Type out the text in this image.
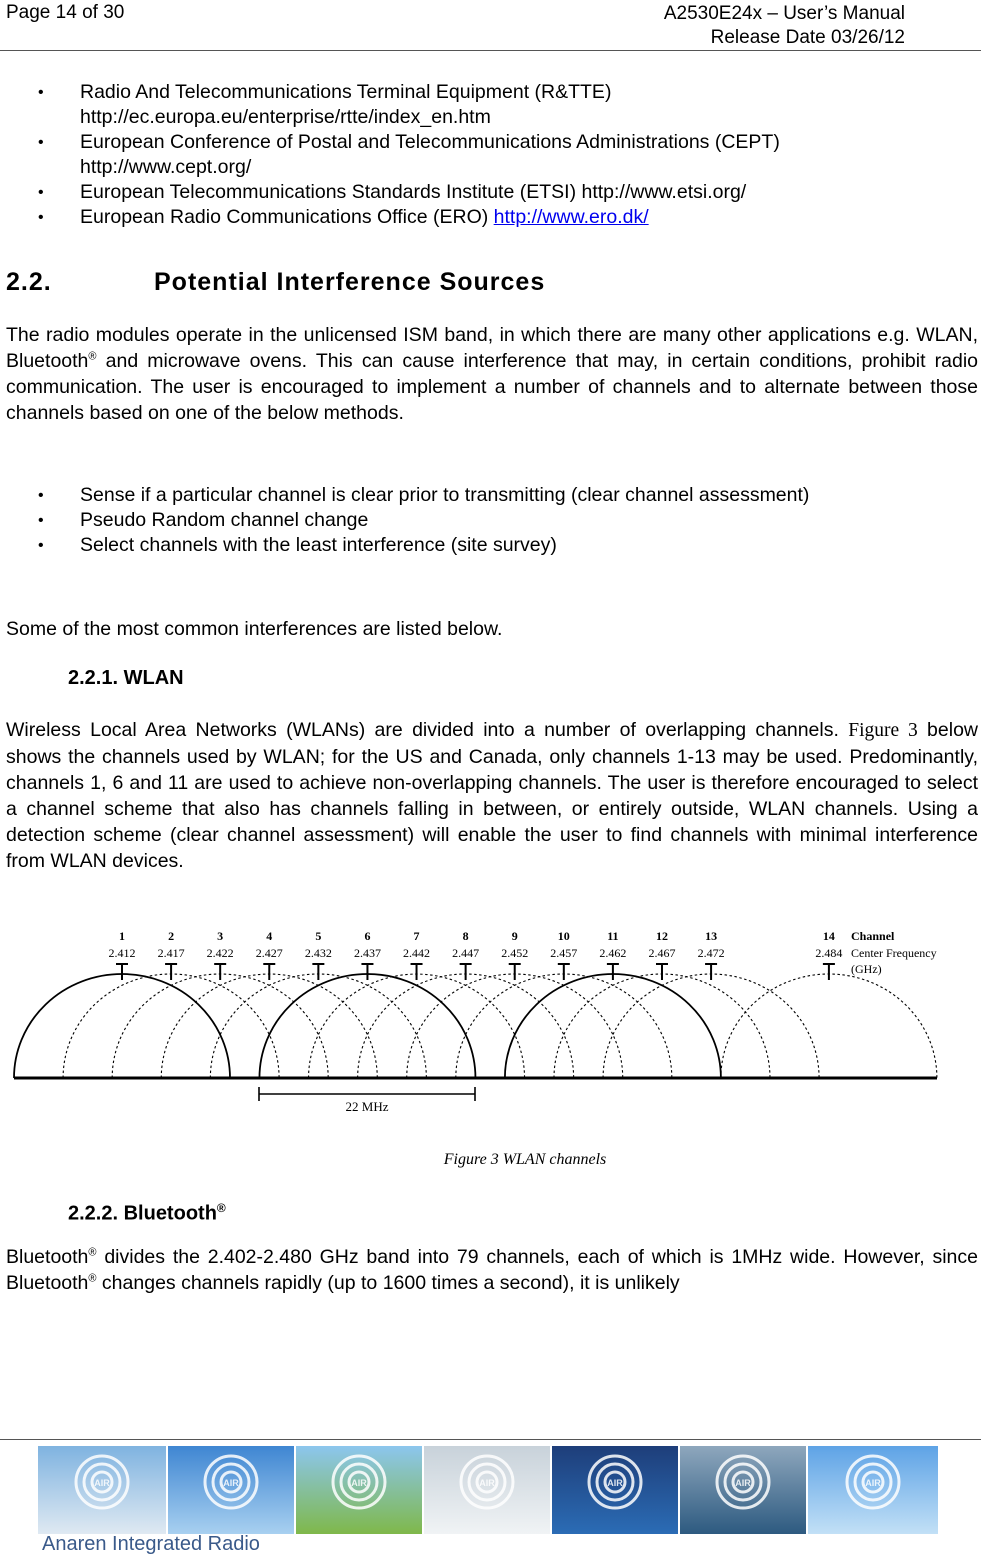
Page 14 of 30	A2530E24x – User’s Manual
Release Date 03/26/12
• Radio And Telecommunications Terminal Equipment (R&TTE)
http://ec.europa.eu/enterprise/rtte/index_en.htm
• European Conference of Postal and Telecommunications Administrations (CEPT)
http://www.cept.org/
• European Telecommunications Standards Institute (ETSI) http://www.etsi.org/
• European Radio Communications Office (ERO) http://www.ero.dk/
2.2.	Potential Interference Sources

The radio modules operate in the unlicensed ISM band, in which there are many other applications e.g. WLAN, Bluetooth® and microwave ovens. This can cause interference that may, in certain conditions, prohibit radio communication. The user is encouraged to implement a number of channels and to alternate between those channels based on one of the below methods.

• Sense if a particular channel is clear prior to transmitting (clear channel assessment)
• Pseudo Random channel change
• Select channels with the least interference (site survey)

Some of the most common interferences are listed below.

2.2.1. WLAN

Wireless Local Area Networks (WLANs) are divided into a number of overlapping channels. Figure 3 below shows the channels used by WLAN; for the US and Canada, only channels 1-13 may be used. Predominantly, channels 1, 6 and 11 are used to achieve non-overlapping channels. The user is therefore encouraged to select a channel scheme that also has channels falling in between, or entirely outside, WLAN channels. Using a detection scheme (clear channel assessment) will enable the user to find channels with minimal interference from WLAN devices.

1
2.412
2
2.417
3
2.422
4
2.427
5
2.432
6
2.437
7
2.442
8
2.447
9
2.452
10
2.457
11
2.462
12
2.467
13
2.472
14
2.484
Channel
Center Frequency
(GHz)
22 MHz
Figure 3 WLAN channels
2.2.2. Bluetooth®

Bluetooth® divides the 2.402-2.480 GHz band into 79 channels, each of which is 1MHz wide. However, since Bluetooth® changes channels rapidly (up to 1600 times a second), it is unlikely

AIR	AIR	AIR	AIR	AIR	AIR	AIR
Anaren Integrated Radio
